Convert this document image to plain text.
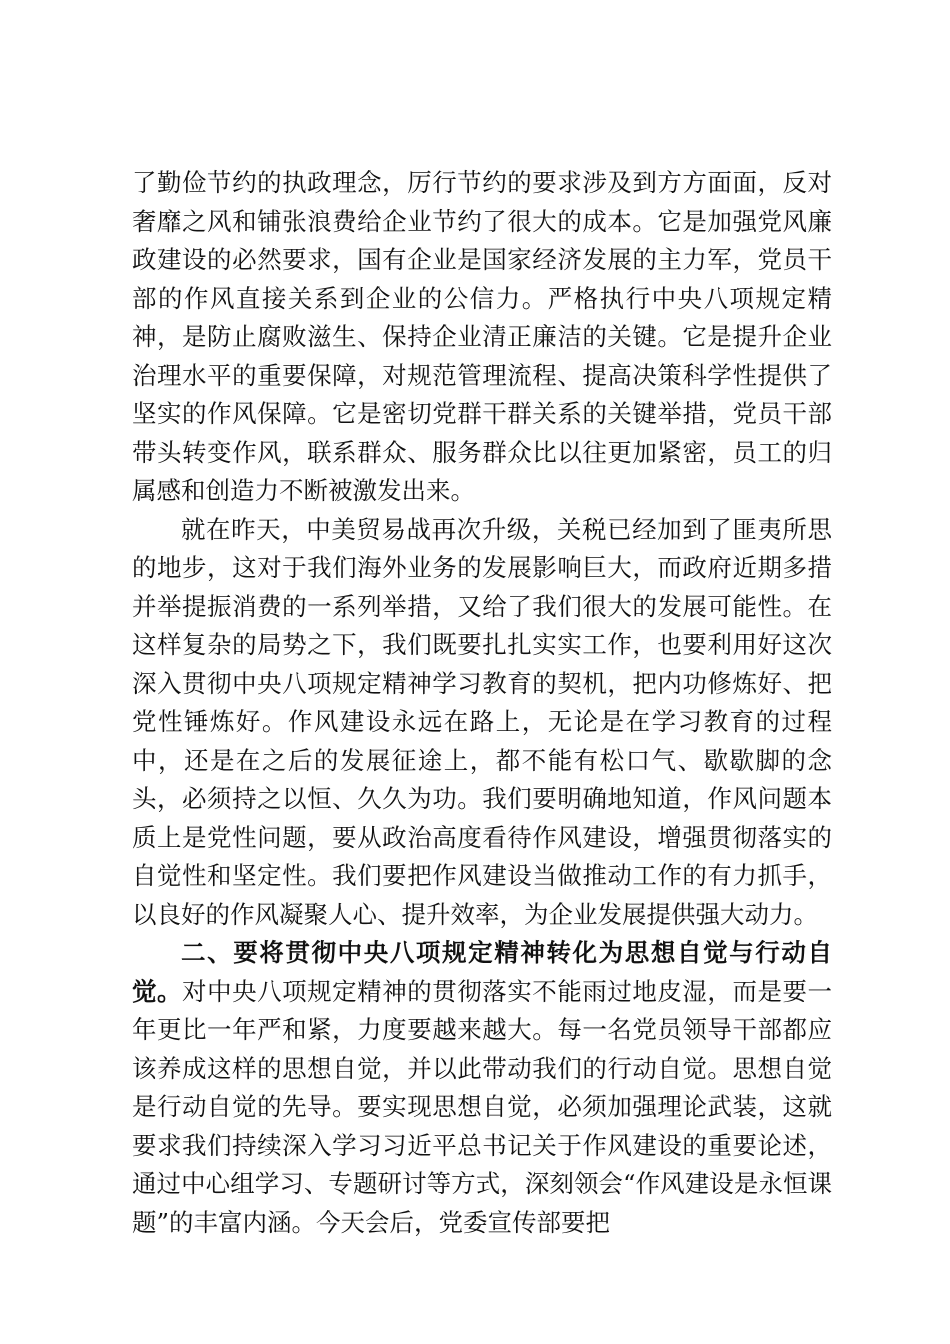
了勤俭节约的执政理念，厉行节约的要求涉及到方方面面，反对奢靡之风和铺张浪费给企业节约了很大的成本。它是加强党风廉政建设的必然要求，国有企业是国家经济发展的主力军，党员干部的作风直接关系到企业的公信力。严格执行中央八项规定精神，是防止腐败滋生、保持企业清正廉洁的关键。它是提升企业治理水平的重要保障，对规范管理流程、提高决策科学性提供了坚实的作风保障。它是密切党群干群关系的关键举措，党员干部带头转变作风，联系群众、服务群众比以往更加紧密，员工的归属感和创造力不断被激发出来。

就在昨天，中美贸易战再次升级，关税已经加到了匪夷所思的地步，这对于我们海外业务的发展影响巨大，而政府近期多措并举提振消费的一系列举措，又给了我们很大的发展可能性。在这样复杂的局势之下，我们既要扎扎实实工作，也要利用好这次深入贯彻中央八项规定精神学习教育的契机，把内功修炼好、把党性锤炼好。作风建设永远在路上，无论是在学习教育的过程中，还是在之后的发展征途上，都不能有松口气、歇歇脚的念头，必须持之以恒、久久为功。我们要明确地知道，作风问题本质上是党性问题，要从政治高度看待作风建设，增强贯彻落实的自觉性和坚定性。我们要把作风建设当做推动工作的有力抓手，以良好的作风凝聚人心、提升效率，为企业发展提供强大动力。

二、要将贯彻中央八项规定精神转化为思想自觉与行动自觉。对中央八项规定精神的贯彻落实不能雨过地皮湿，而是要一年更比一年严和紧，力度要越来越大。每一名党员领导干部都应该养成这样的思想自觉，并以此带动我们的行动自觉。思想自觉是行动自觉的先导。要实现思想自觉，必须加强理论武装，这就要求我们持续深入学习习近平总书记关于作风建设的重要论述，通过中心组学习、专题研讨等方式，深刻领会“作风建设是永恒课题”的丰富内涵。今天会后，党委宣传部要把
